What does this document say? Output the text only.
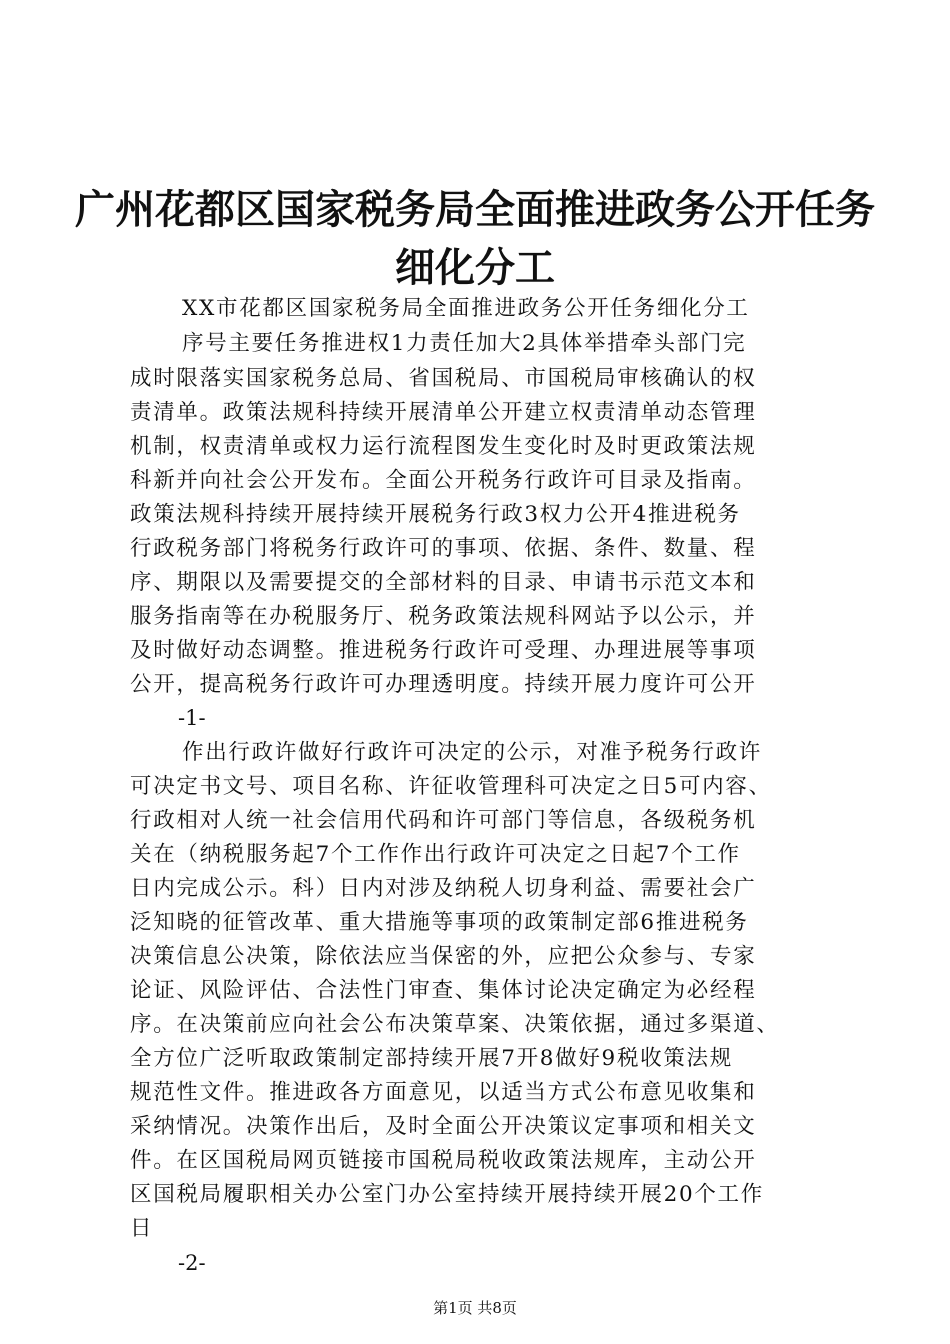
广州花都区国家税务局全面推进政务公开任务
细化分工

XX市花都区国家税务局全面推进政务公开任务细化分工

序号主要任务推进权1力责任加大2具体举措牵头部门完

成时限落实国家税务总局、省国税局、市国税局审核确认的权

责清单。政策法规科持续开展清单公开建立权责清单动态管理

机制，权责清单或权力运行流程图发生变化时及时更政策法规

科新并向社会公开发布。全面公开税务行政许可目录及指南。

政策法规科持续开展持续开展税务行政3权力公开4推进税务

行政税务部门将税务行政许可的事项、依据、条件、数量、程

序、期限以及需要提交的全部材料的目录、申请书示范文本和

服务指南等在办税服务厅、税务政策法规科网站予以公示，并

及时做好动态调整。推进税务行政许可受理、办理进展等事项

公开，提高税务行政许可办理透明度。持续开展力度许可公开

-1-

作出行政许做好行政许可决定的公示，对准予税务行政许

可决定书文号、项目名称、许征收管理科可决定之日5可内容、

行政相对人统一社会信用代码和许可部门等信息，各级税务机

关在（纳税服务起7个工作作出行政许可决定之日起7个工作

日内完成公示。科）日内对涉及纳税人切身利益、需要社会广

泛知晓的征管改革、重大措施等事项的政策制定部6推进税务

决策信息公决策，除依法应当保密的外，应把公众参与、专家

论证、风险评估、合法性门审查、集体讨论决定确定为必经程

序。在决策前应向社会公布决策草案、决策依据，通过多渠道、

全方位广泛听取政策制定部持续开展7开8做好9税收策法规

规范性文件。推进政各方面意见，以适当方式公布意见收集和

采纳情况。决策作出后，及时全面公开决策议定事项和相关文

件。在区国税局网页链接市国税局税收政策法规库，主动公开

区国税局履职相关办公室门办公室持续开展持续开展20个工作

日

-2-

第1页 共8页
